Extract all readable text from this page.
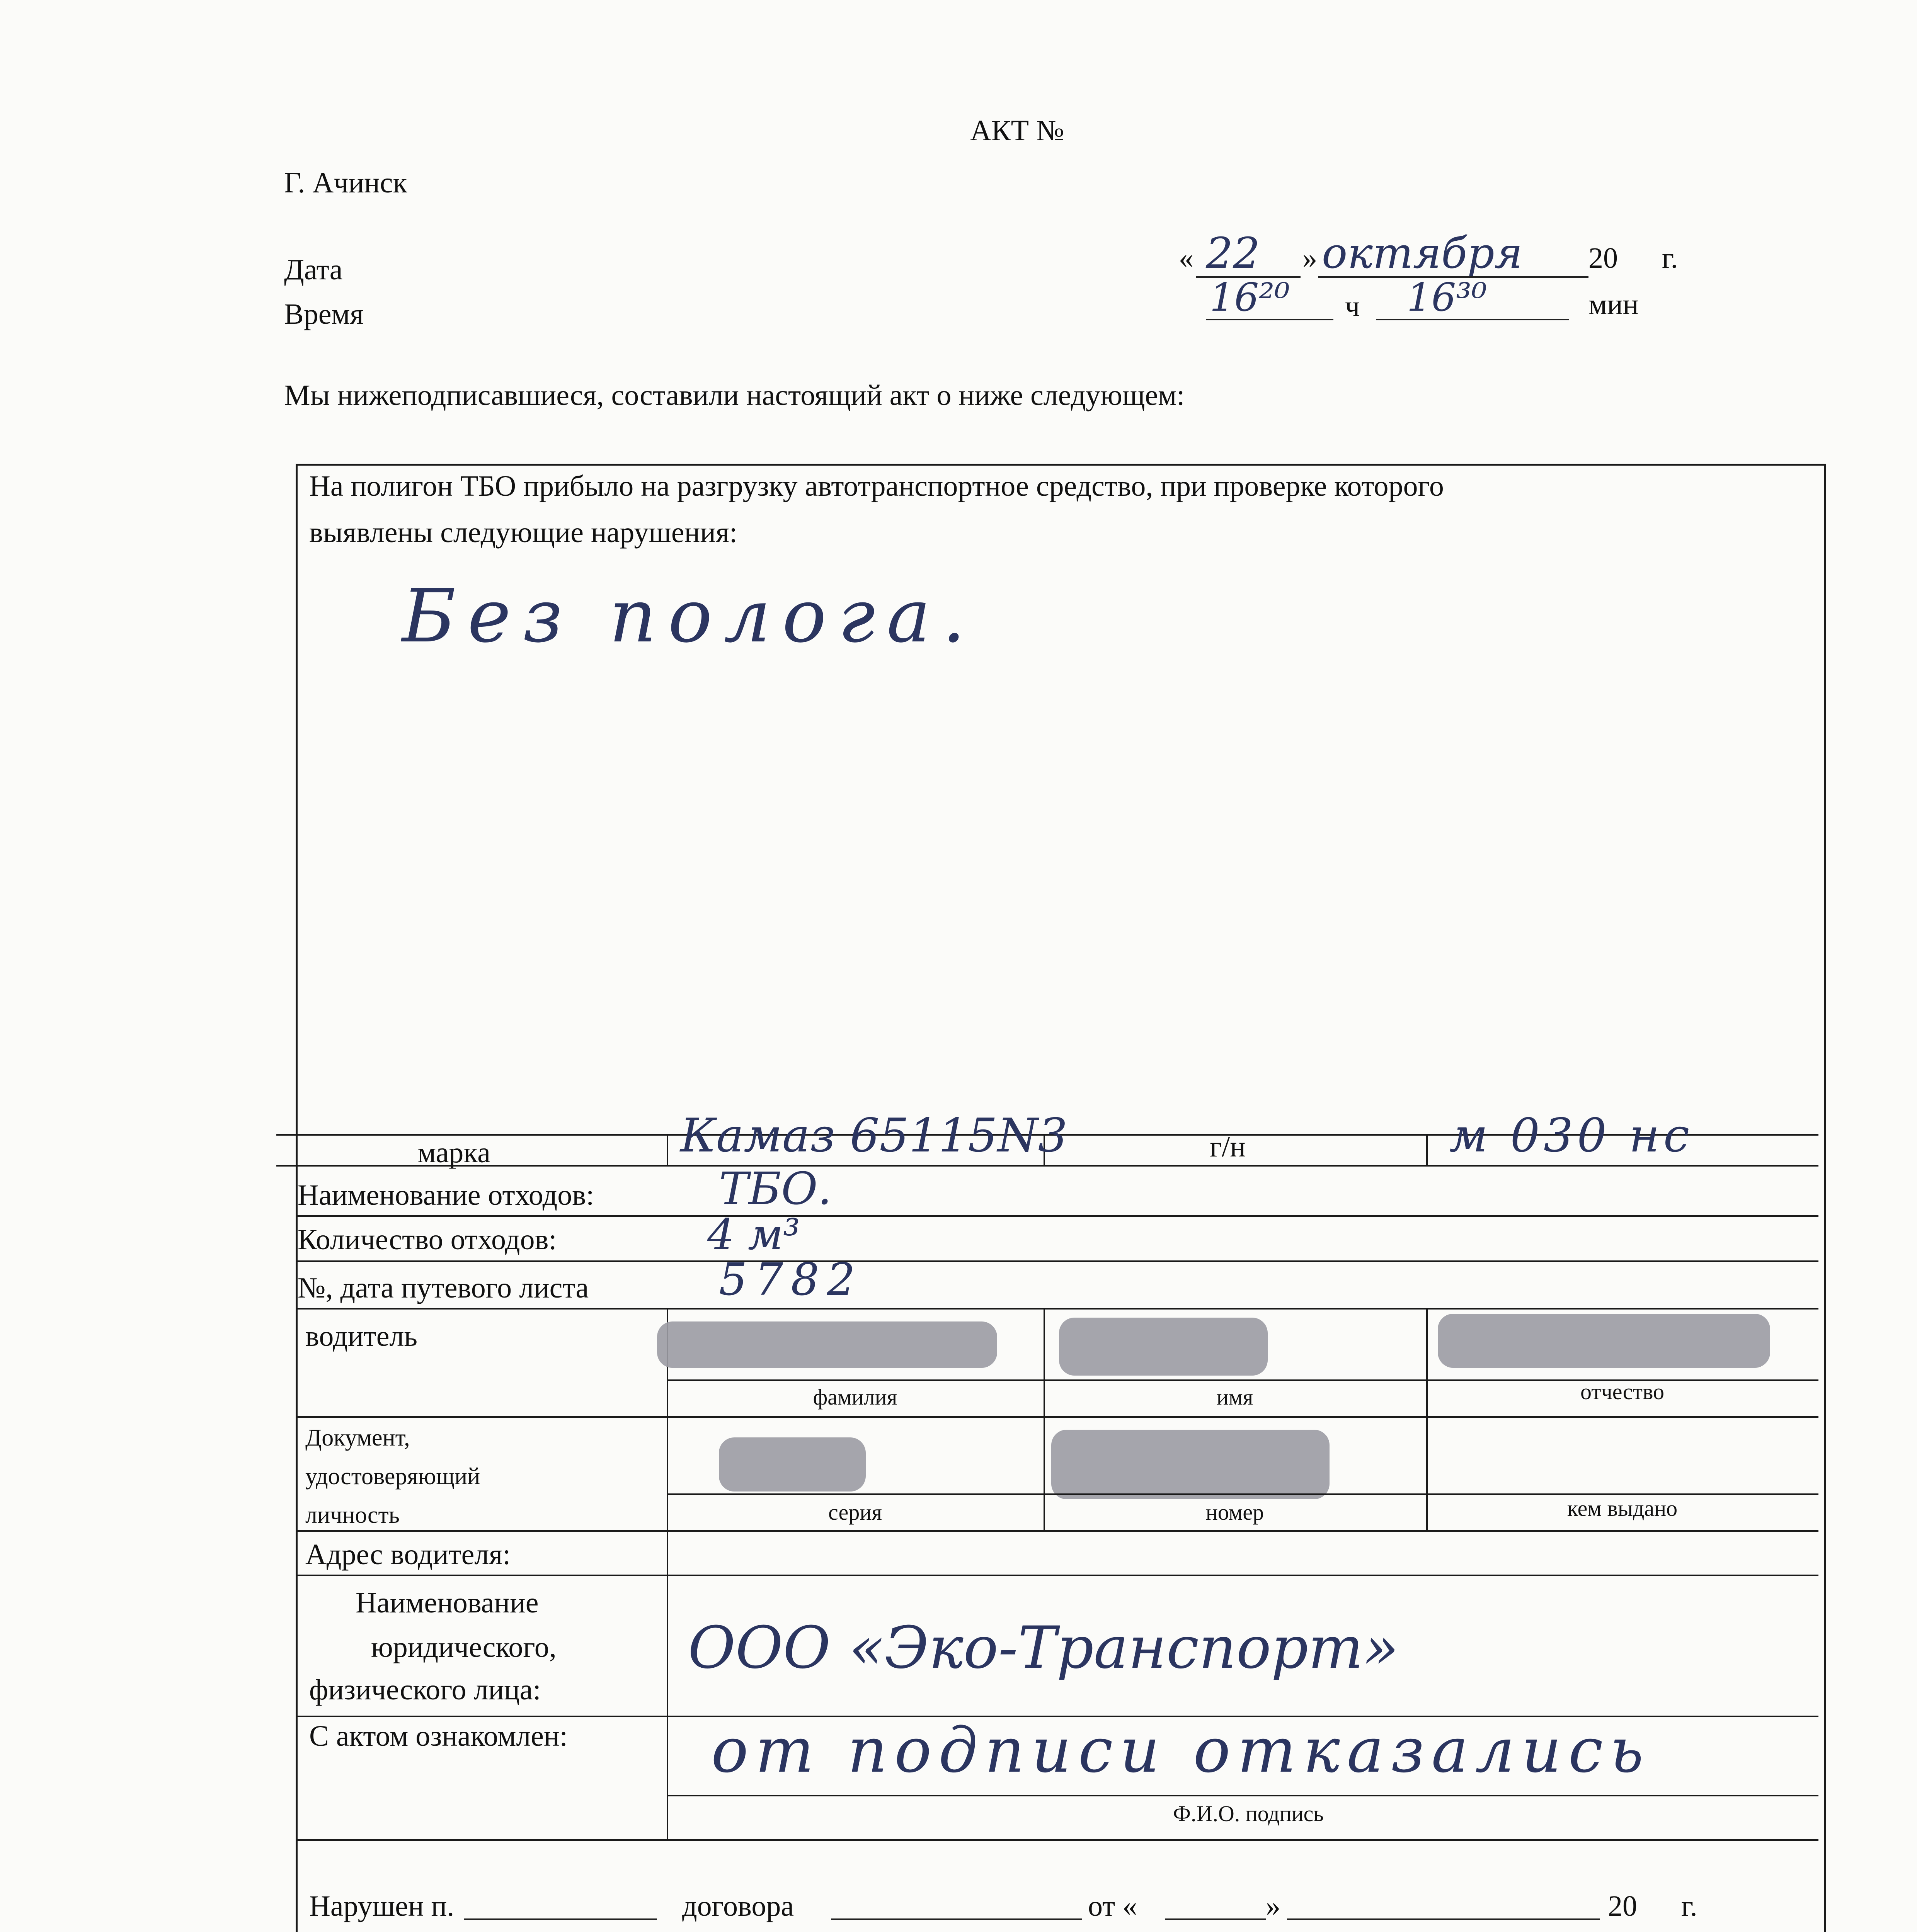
АКТ №
Г. Ачинск
Дата
Время
« 22 » октября 20 г.
16²⁰ ч 16³⁰	мин
Мы нижеподписавшиеся, составили настоящий акт о ниже следующем:
На полигон ТБО прибыло на разгрузку автотранспортное средство, при проверке которого
выявлены следующие нарушения:
Без полога.
марка	Камаз 65115N3	г/н	м 030 нс
Наименование отходов:	ТБО.
Количество отходов:	4 м³
№, дата путевого листа	5782
водитель
фамилия	имя	отчество
Документ,
удостоверяющий
личность	серия	номер	кем выдано
Адрес водителя:
Наименование
юридического,
физического лица:
ООО «Эко-Транспорт»
С актом ознакомлен: от подписи отказались
Ф.И.О. подпись
Нарушен п.	договора	от «	»	20 г.
